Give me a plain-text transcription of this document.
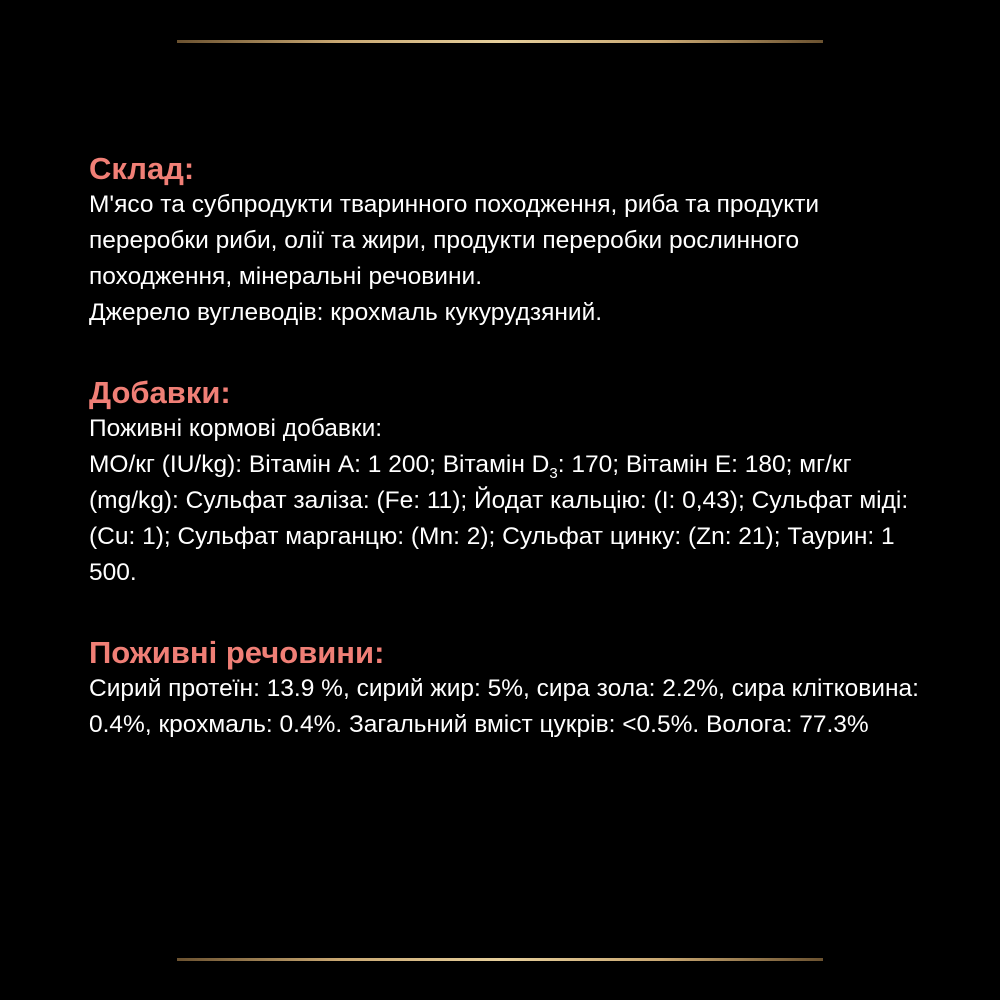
Склад:

М'ясо та субпродукти тваринного походження, риба та продукти переробки риби, олії та жири, продукти переробки рослинного походження, мінеральні речовини.

Джерело вуглеводів: крохмаль кукурудзяний.

Добавки:

Поживні кормові добавки:

МО/кг (IU/kg): Вітамін А: 1 200; Вітамін $D_3$: 170; Вітамін Е: 180; мг/кг (mg/kg): Сульфат заліза: (Fe: 11); Йодат кальцію: (I: 0,43); Сульфат міді: (Cu: 1); Сульфат марганцю: (Mn: 2); Сульфат цинку: (Zn: 21); Таурин: 1 500.

Поживні речовини:

Сирий протеїн: 13.9 %, сирий жир: 5%, сира зола: 2.2%, сира клітковина: 0.4%, крохмаль: 0.4%. Загальний вміст цукрів: <0.5%. Волога: 77.3%
